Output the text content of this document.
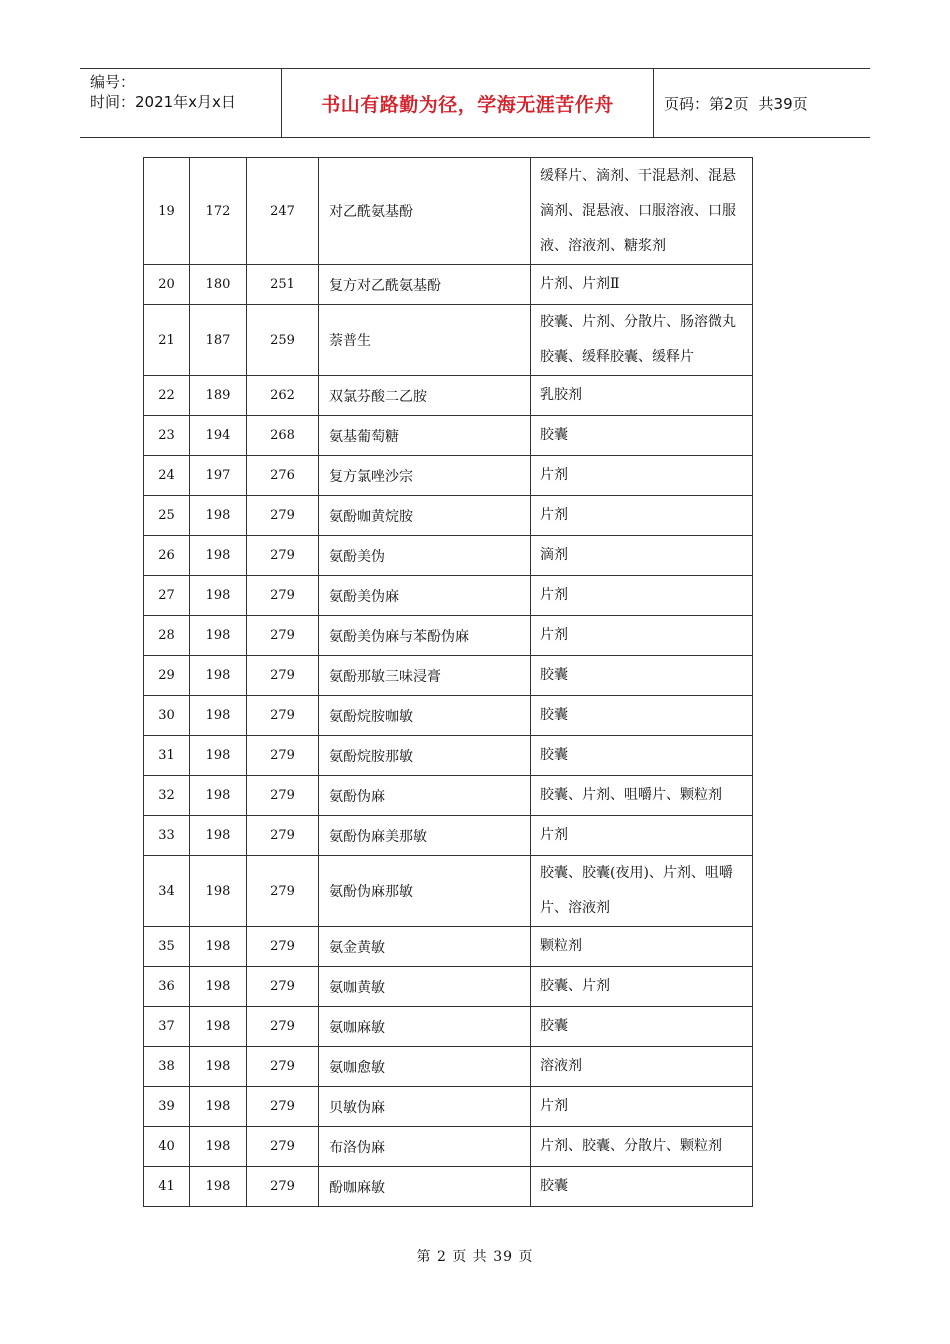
编号：
时间：2021年x月x日	书山有路勤为径，学海无涯苦作舟	页码：第2页 共39页
19	172	247	对乙酰氨基酚	缓释片、滴剂、干混悬剂、混悬滴剂、混悬液、口服溶液、口服液、溶液剂、糖浆剂
20	180	251	复方对乙酰氨基酚	片剂、片剂Ⅱ
21	187	259	萘普生	胶囊、片剂、分散片、肠溶微丸胶囊、缓释胶囊、缓释片
22	189	262	双氯芬酸二乙胺	乳胶剂
23	194	268	氨基葡萄糖	胶囊
24	197	276	复方氯唑沙宗	片剂
25	198	279	氨酚咖黄烷胺	片剂
26	198	279	氨酚美伪	滴剂
27	198	279	氨酚美伪麻	片剂
28	198	279	氨酚美伪麻与苯酚伪麻	片剂
29	198	279	氨酚那敏三味浸膏	胶囊
30	198	279	氨酚烷胺咖敏	胶囊
31	198	279	氨酚烷胺那敏	胶囊
32	198	279	氨酚伪麻	胶囊、片剂、咀嚼片、颗粒剂
33	198	279	氨酚伪麻美那敏	片剂
34	198	279	氨酚伪麻那敏	胶囊、胶囊(夜用)、片剂、咀嚼片、溶液剂
35	198	279	氨金黄敏	颗粒剂
36	198	279	氨咖黄敏	胶囊、片剂
37	198	279	氨咖麻敏	胶囊
38	198	279	氨咖愈敏	溶液剂
39	198	279	贝敏伪麻	片剂
40	198	279	布洛伪麻	片剂、胶囊、分散片、颗粒剂
41	198	279	酚咖麻敏	胶囊
第 2 页 共 39 页
